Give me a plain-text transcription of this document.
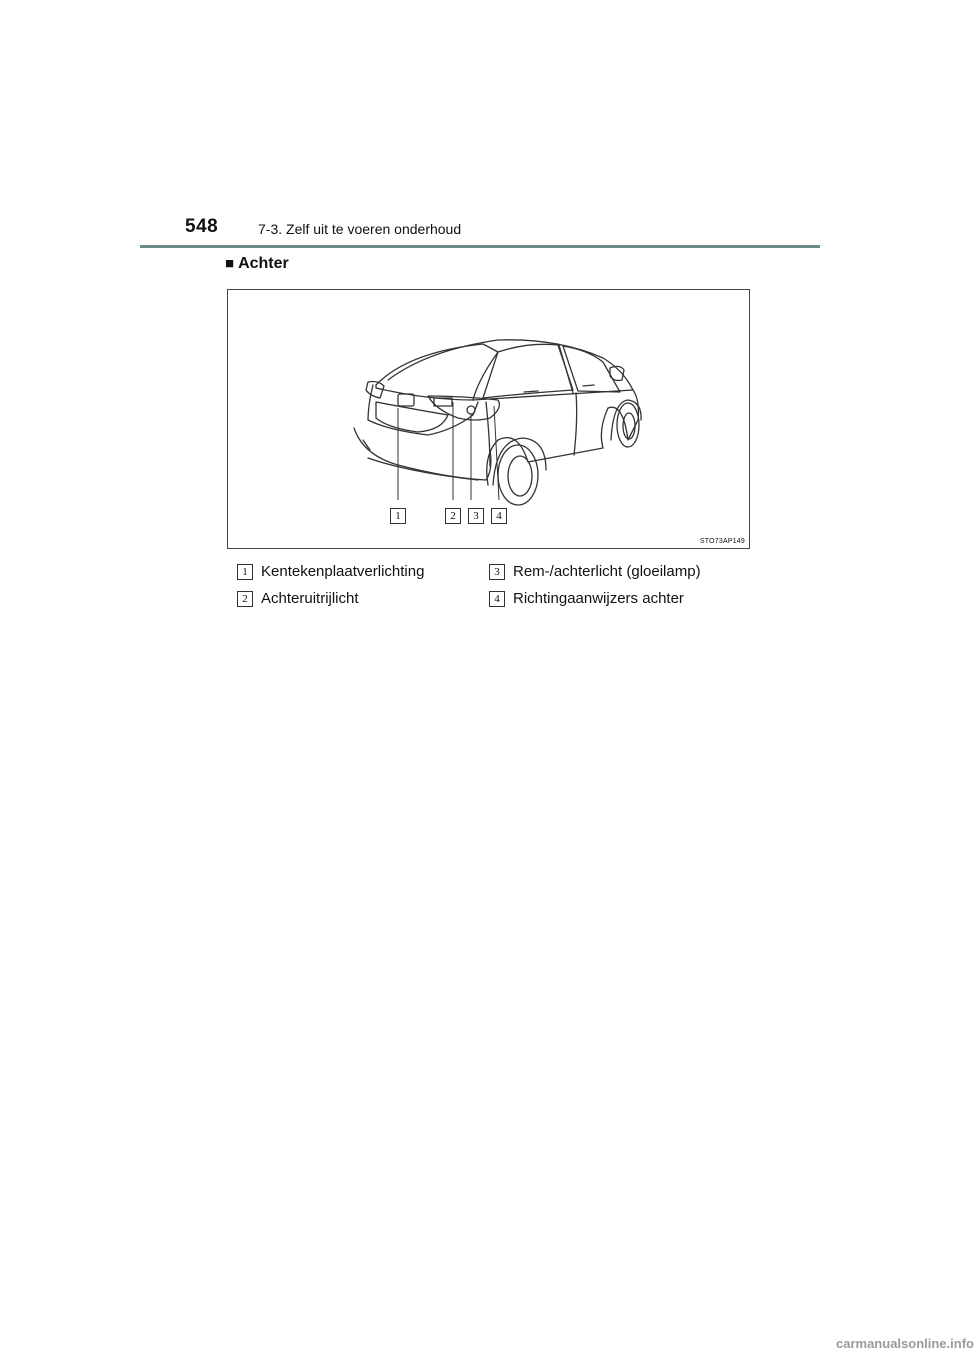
548	7-3. Zelf uit te voeren onderhoud
■ Achter
1	2	3	4
STO73AP149
1 Kentekenplaatverlichting
2 Achteruitrijlicht
3 Rem-/achterlicht (gloeilamp)
4 Richtingaanwijzers achter
carmanualsonline.info
